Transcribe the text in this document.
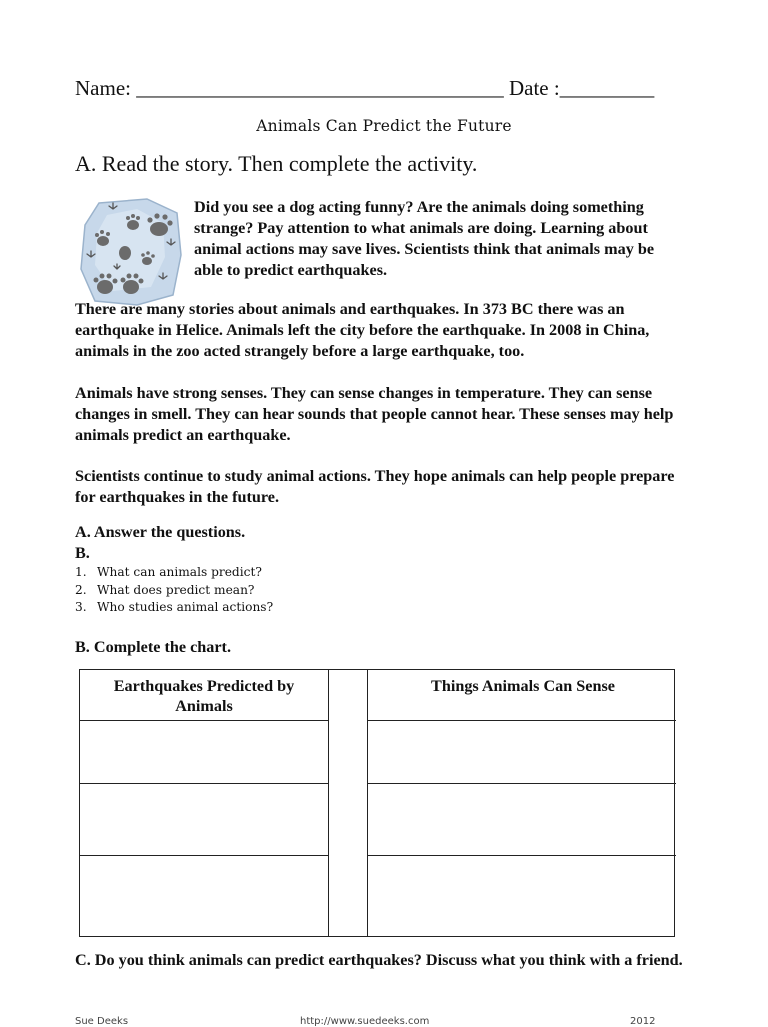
Name: ___________________________________ Date :_________
Animals Can Predict the Future
A. Read the story. Then complete the activity.
Did you see a dog acting funny? Are the animals doing something strange? Pay attention to what animals are doing. Learning about animal actions may save lives. Scientists think that animals may be able to predict earthquakes.
There are many stories about animals and earthquakes. In 373 BC there was an earthquake in Helice. Animals left the city before the earthquake. In 2008 in China, animals in the zoo acted strangely before a large earthquake, too.
Animals have strong senses. They can sense changes in temperature. They can sense changes in smell. They can hear sounds that people cannot hear. These senses may help animals predict an earthquake.
Scientists continue to study animal actions. They hope animals can help people prepare for earthquakes in the future.
A. Answer the questions.
B.
1. What can animals predict?
2. What does predict mean?
3. Who studies animal actions?
B. Complete the chart.
Earthquakes Predicted by Animals
Things Animals Can Sense
C. Do you think animals can predict earthquakes? Discuss what you think with a friend.
Sue Deeks	http://www.suedeeks.com	2012
